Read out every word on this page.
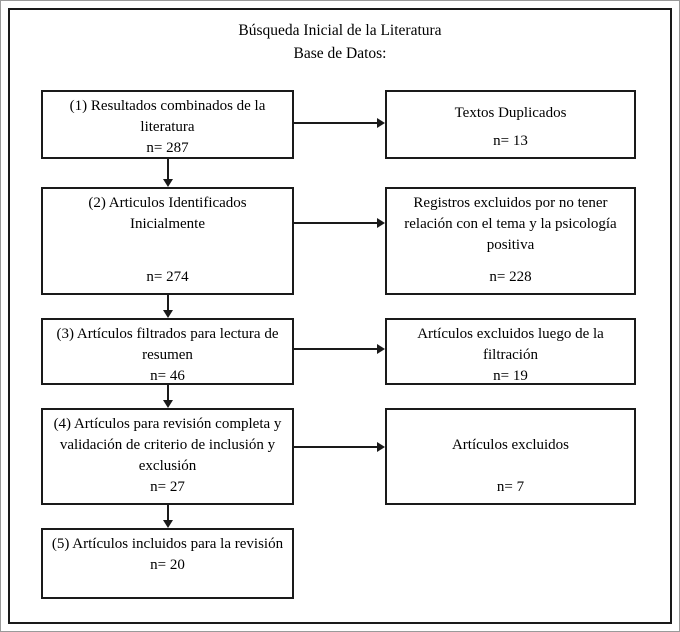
Búsqueda Inicial de la Literatura
Base de Datos:
(1) Resultados combinados de la literatura
n= 287
(2) Articulos Identificados Inicialmente
n= 274
(3) Artículos filtrados para lectura de resumen
n= 46
(4) Artículos para revisión completa y validación de criterio de inclusión y exclusión
n= 27
(5) Artículos incluidos para la revisión
n= 20
Textos Duplicados
n= 13
Registros excluidos por no tener relación con el tema y la psicología positiva
n= 228
Artículos excluidos luego de la filtración
n= 19
Artículos excluidos
n= 7
